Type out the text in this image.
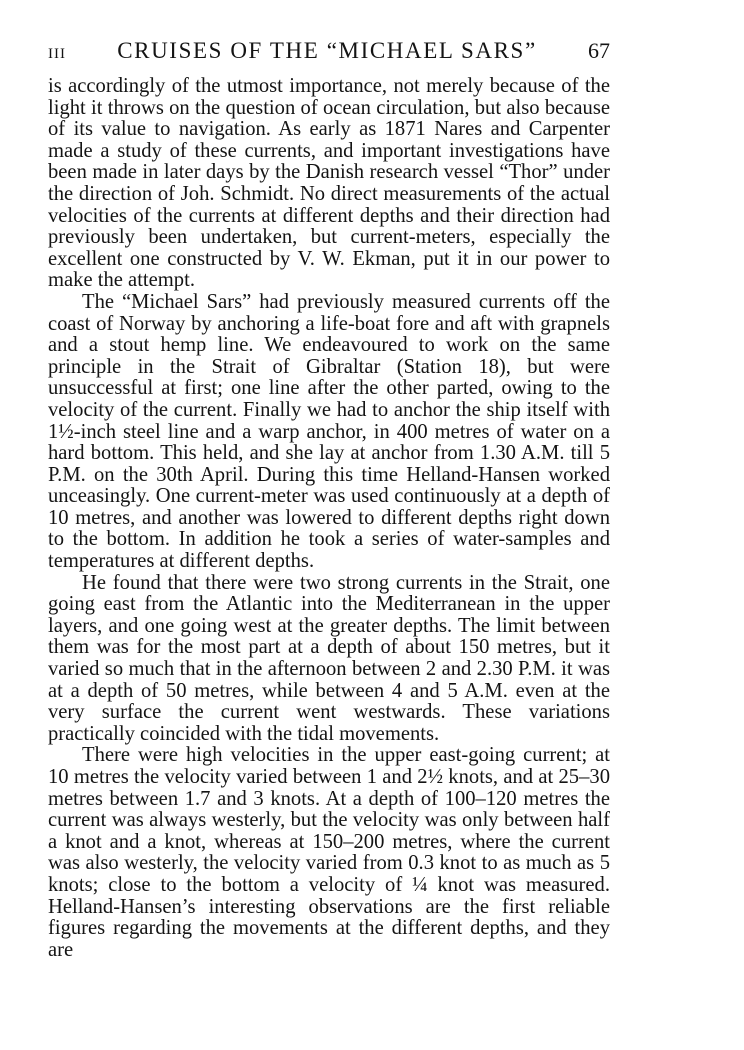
III	CRUISES OF THE “MICHAEL SARS”	67

is accordingly of the utmost importance, not merely because of the light it throws on the question of ocean circulation, but also because of its value to navigation. As early as 1871 Nares and Carpenter made a study of these currents, and important investigations have been made in later days by the Danish research vessel “Thor” under the direction of Joh. Schmidt. No direct measurements of the actual velocities of the currents at different depths and their direction had previously been undertaken, but current-meters, especially the excellent one constructed by V. W. Ekman, put it in our power to make the attempt.

The “Michael Sars” had previously measured currents off the coast of Norway by anchoring a life-boat fore and aft with grapnels and a stout hemp line. We endeavoured to work on the same principle in the Strait of Gibraltar (Station 18), but were unsuccessful at first; one line after the other parted, owing to the velocity of the current. Finally we had to anchor the ship itself with 1½-inch steel line and a warp anchor, in 400 metres of water on a hard bottom. This held, and she lay at anchor from 1.30 A.M. till 5 P.M. on the 30th April. During this time Helland-Hansen worked unceasingly. One current-meter was used continuously at a depth of 10 metres, and another was lowered to different depths right down to the bottom. In addition he took a series of water-samples and temperatures at different depths.

He found that there were two strong currents in the Strait, one going east from the Atlantic into the Mediterranean in the upper layers, and one going west at the greater depths. The limit between them was for the most part at a depth of about 150 metres, but it varied so much that in the afternoon between 2 and 2.30 P.M. it was at a depth of 50 metres, while between 4 and 5 A.M. even at the very surface the current went westwards. These variations practically coincided with the tidal movements.

There were high velocities in the upper east-going current; at 10 metres the velocity varied between 1 and 2½ knots, and at 25–30 metres between 1.7 and 3 knots. At a depth of 100–120 metres the current was always westerly, but the velocity was only between half a knot and a knot, whereas at 150–200 metres, where the current was also westerly, the velocity varied from 0.3 knot to as much as 5 knots; close to the bottom a velocity of ¼ knot was measured. Helland-Hansen’s interesting observations are the first reliable figures regarding the movements at the different depths, and they are
